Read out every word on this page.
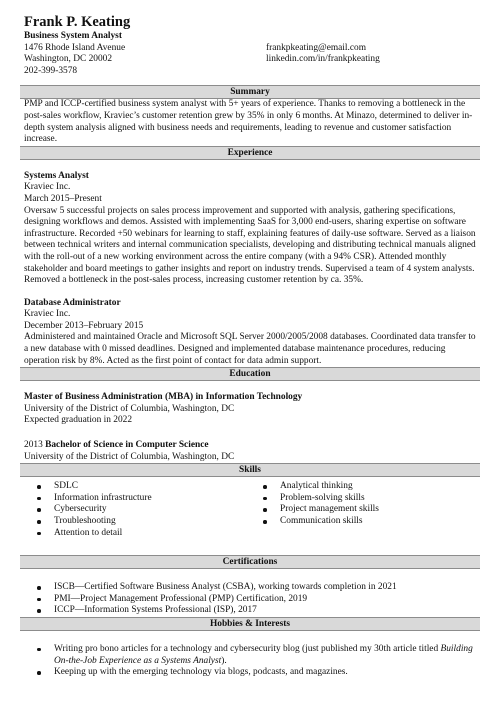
Frank P. Keating
Business System Analyst
1476 Rhode Island Avenue
Washington, DC 20002
202-399-3578
frankpkeating@email.com
linkedin.com/in/frankpkeating
Summary
PMP and ICCP-certified business system analyst with 5+ years of experience. Thanks to removing a bottleneck in the post-sales workflow, Kraviec’s customer retention grew by 35% in only 6 months. At Minazo, determined to deliver in-depth system analysis aligned with business needs and requirements, leading to revenue and customer satisfaction increase.
Experience
Systems Analyst
Kraviec Inc.
March 2015–Present
Oversaw 5 successful projects on sales process improvement and supported with analysis, gathering specifications, designing workflows and demos. Assisted with implementing SaaS for 3,000 end-users, sharing expertise on software infrastructure. Recorded +50 webinars for learning to staff, explaining features of daily-use software. Served as a liaison between technical writers and internal communication specialists, developing and distributing technical manuals aligned with the roll-out of a new working environment across the entire company (with a 94% CSR). Attended monthly stakeholder and board meetings to gather insights and report on industry trends. Supervised a team of 4 system analysts. Removed a bottleneck in the post-sales process, increasing customer retention by ca. 35%.
Database Administrator
Kraviec Inc.
December 2013–February 2015
Administered and maintained Oracle and Microsoft SQL Server 2000/2005/2008 databases. Coordinated data transfer to a new database with 0 missed deadlines. Designed and implemented database maintenance procedures, reducing operation risk by 8%. Acted as the first point of contact for data admin support.
Education
Master of Business Administration (MBA) in Information Technology
University of the District of Columbia, Washington, DC
Expected graduation in 2022
2013 Bachelor of Science in Computer Science
University of the District of Columbia, Washington, DC
Skills
SDLC
Information infrastructure
Cybersecurity
Troubleshooting
Attention to detail
Analytical thinking
Problem-solving skills
Project management skills
Communication skills
Certifications
ISCB—Certified Software Business Analyst (CSBA), working towards completion in 2021
PMI—Project Management Professional (PMP) Certification, 2019
ICCP—Information Systems Professional (ISP), 2017
Hobbies & Interests
Writing pro bono articles for a technology and cybersecurity blog (just published my 30th article titled Building On-the-Job Experience as a Systems Analyst).
Keeping up with the emerging technology via blogs, podcasts, and magazines.
